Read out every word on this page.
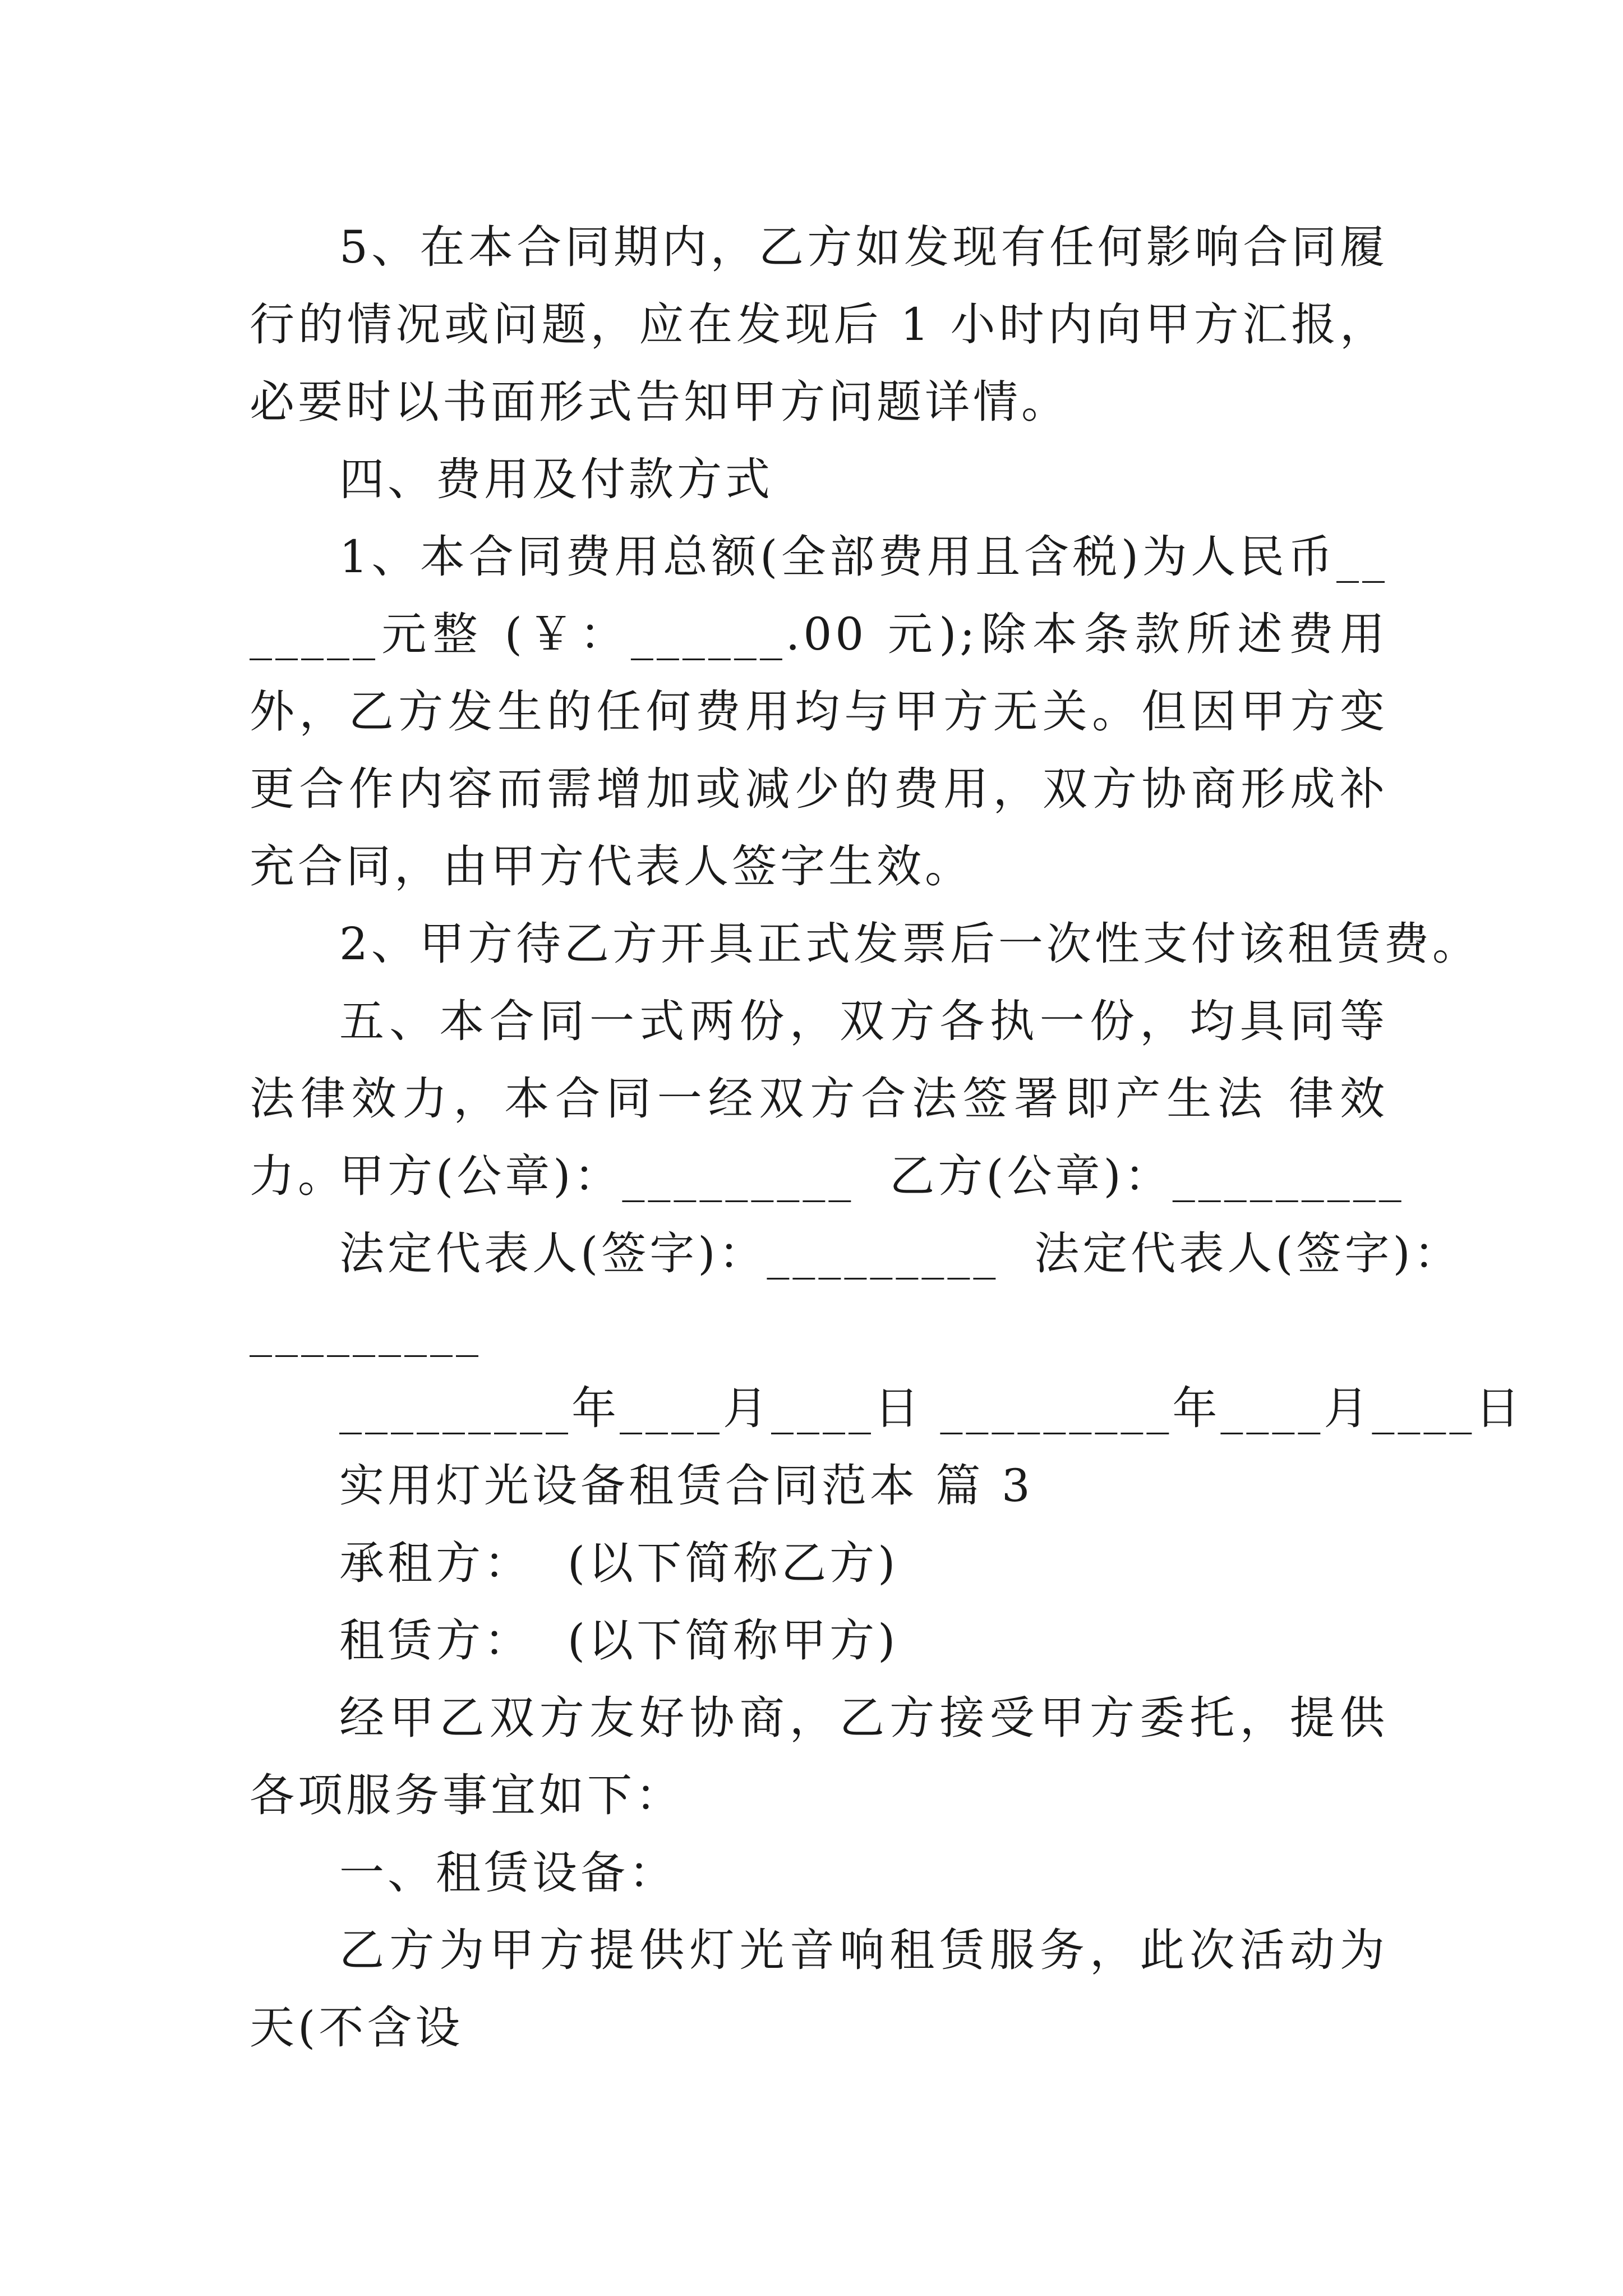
5、在本合同期内，乙方如发现有任何影响合同履行的情况或问题，应在发现后 1 小时内向甲方汇报，必要时以书面形式告知甲方问题详情。
四、费用及付款方式
1、本合同费用总额(全部费用且含税)为人民币_______元整 (￥：______.00 元);除本条款所述费用外，乙方发生的任何费用均与甲方无关。但因甲方变更合作内容而需增加或减少的费用，双方协商形成补充合同，由甲方代表人签字生效。
2、甲方待乙方开具正式发票后一次性支付该租赁费。
五、本合同一式两份，双方各执一份，均具同等法律效力，本合同一经双方合法签署即产生法 律效力。
甲方(公章)：_________  乙方(公章)：_________
法定代表人(签字)：_________  法定代表人(签字)：
_________
_________年____月____日 _________年____月____日
实用灯光设备租赁合同范本 篇 3
承租方：  (以下简称乙方)
租赁方：  (以下简称甲方)
经甲乙双方友好协商，乙方接受甲方委托，提供各项服务事宜如下：
一、租赁设备：
乙方为甲方提供灯光音响租赁服务，此次活动为 天(不含设
